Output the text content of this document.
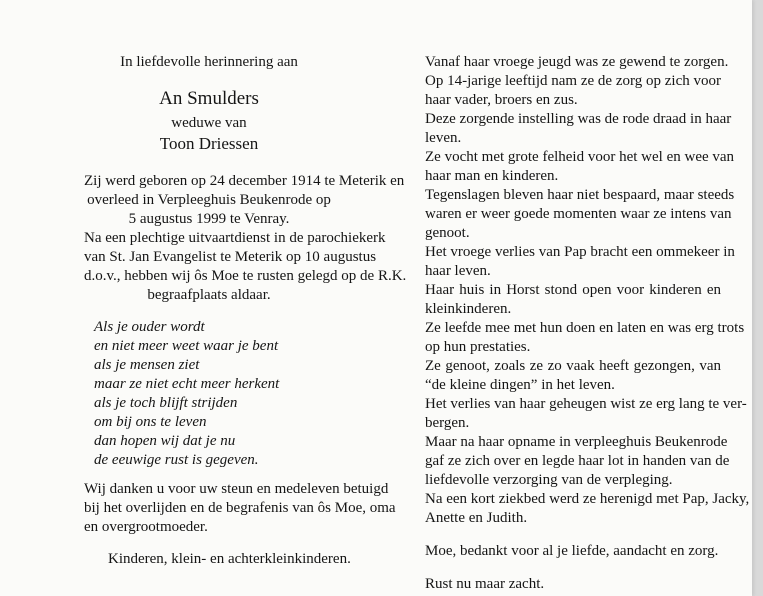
In liefdevolle herinnering aan
An Smulders
weduwe van
Toon Driessen
Zij werd geboren op 24 december 1914 te Meterik en
overleed in Verpleeghuis Beukenrode op
5 augustus 1999 te Venray.
Na een plechtige uitvaartdienst in de parochiekerk
van St. Jan Evangelist te Meterik op 10 augustus
d.o.v., hebben wij ôs Moe te rusten gelegd op de R.K.
begraafplaats aldaar.
Als je ouder wordt
en niet meer weet waar je bent
als je mensen ziet
maar ze niet echt meer herkent
als je toch blijft strijden
om bij ons te leven
dan hopen wij dat je nu
de eeuwige rust is gegeven.
Wij danken u voor uw steun en medeleven betuigd
bij het overlijden en de begrafenis van ôs Moe, oma
en overgrootmoeder.
Kinderen, klein- en achterkleinkinderen.
Vanaf haar vroege jeugd was ze gewend te zorgen.
Op 14-jarige leeftijd nam ze de zorg op zich voor
haar vader, broers en zus.
Deze zorgende instelling was de rode draad in haar
leven.
Ze vocht met grote felheid voor het wel en wee van
haar man en kinderen.
Tegenslagen bleven haar niet bespaard, maar steeds
waren er weer goede momenten waar ze intens van
genoot.
Het vroege verlies van Pap bracht een ommekeer in
haar leven.
Haar huis in Horst stond open voor kinderen en
kleinkinderen.
Ze leefde mee met hun doen en laten en was erg trots
op hun prestaties.
Ze genoot, zoals ze zo vaak heeft gezongen, van
“de kleine dingen” in het leven.
Het verlies van haar geheugen wist ze erg lang te ver-
bergen.
Maar na haar opname in verpleeghuis Beukenrode
gaf ze zich over en legde haar lot in handen van de
liefdevolle verzorging van de verpleging.
Na een kort ziekbed werd ze herenigd met Pap, Jacky,
Anette en Judith.
Moe, bedankt voor al je liefde, aandacht en zorg.
Rust nu maar zacht.
